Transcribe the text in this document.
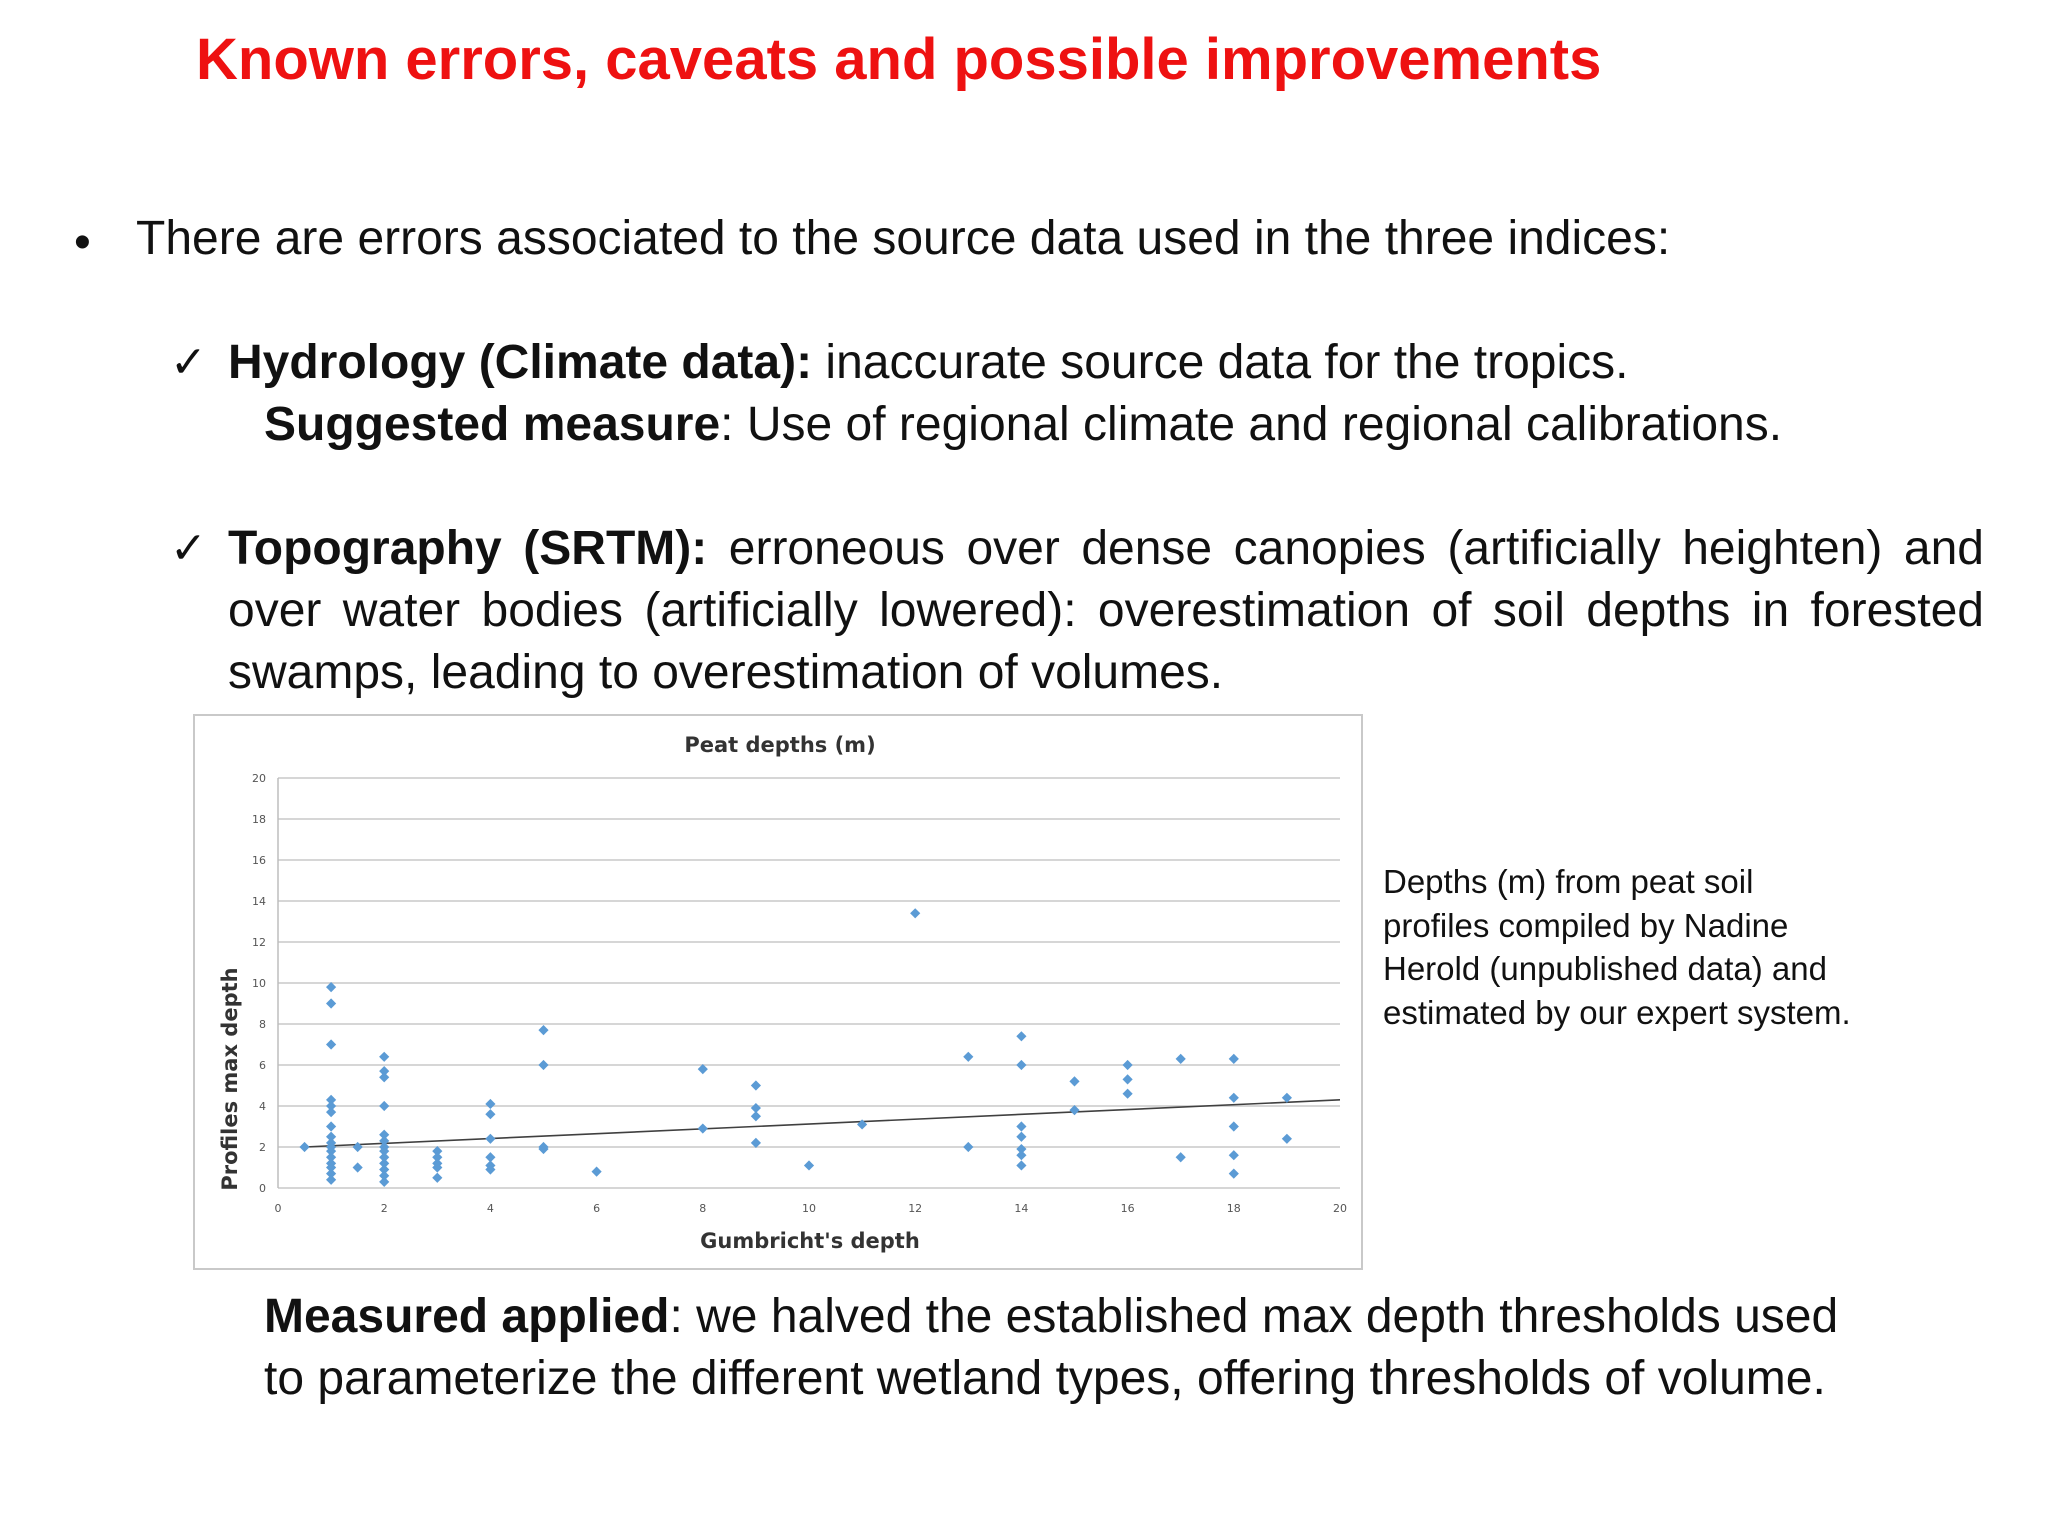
Known errors, caveats and possible improvements
• There are errors associated to the source data used in the three indices:
✓ Hydrology (Climate data): inaccurate source data for the tropics.
Suggested measure: Use of regional climate and regional calibrations.
✓ Topography (SRTM): erroneous over dense canopies (artificially heighten) and over water bodies (artificially lowered): overestimation of soil depths in forested swamps, leading to overestimation of volumes.
Peat depths (m)
Gumbricht's depth
Profiles max depth 0
2
4
6
8
10
12
14
16
18
20
0	2	4	6	8	10	12	14	16	18	20
Depths (m) from peat soil profiles compiled by Nadine Herold (unpublished data) and estimated by our expert system.
Measured applied: we halved the established max depth thresholds used
to parameterize the different wetland types, offering thresholds of volume.
